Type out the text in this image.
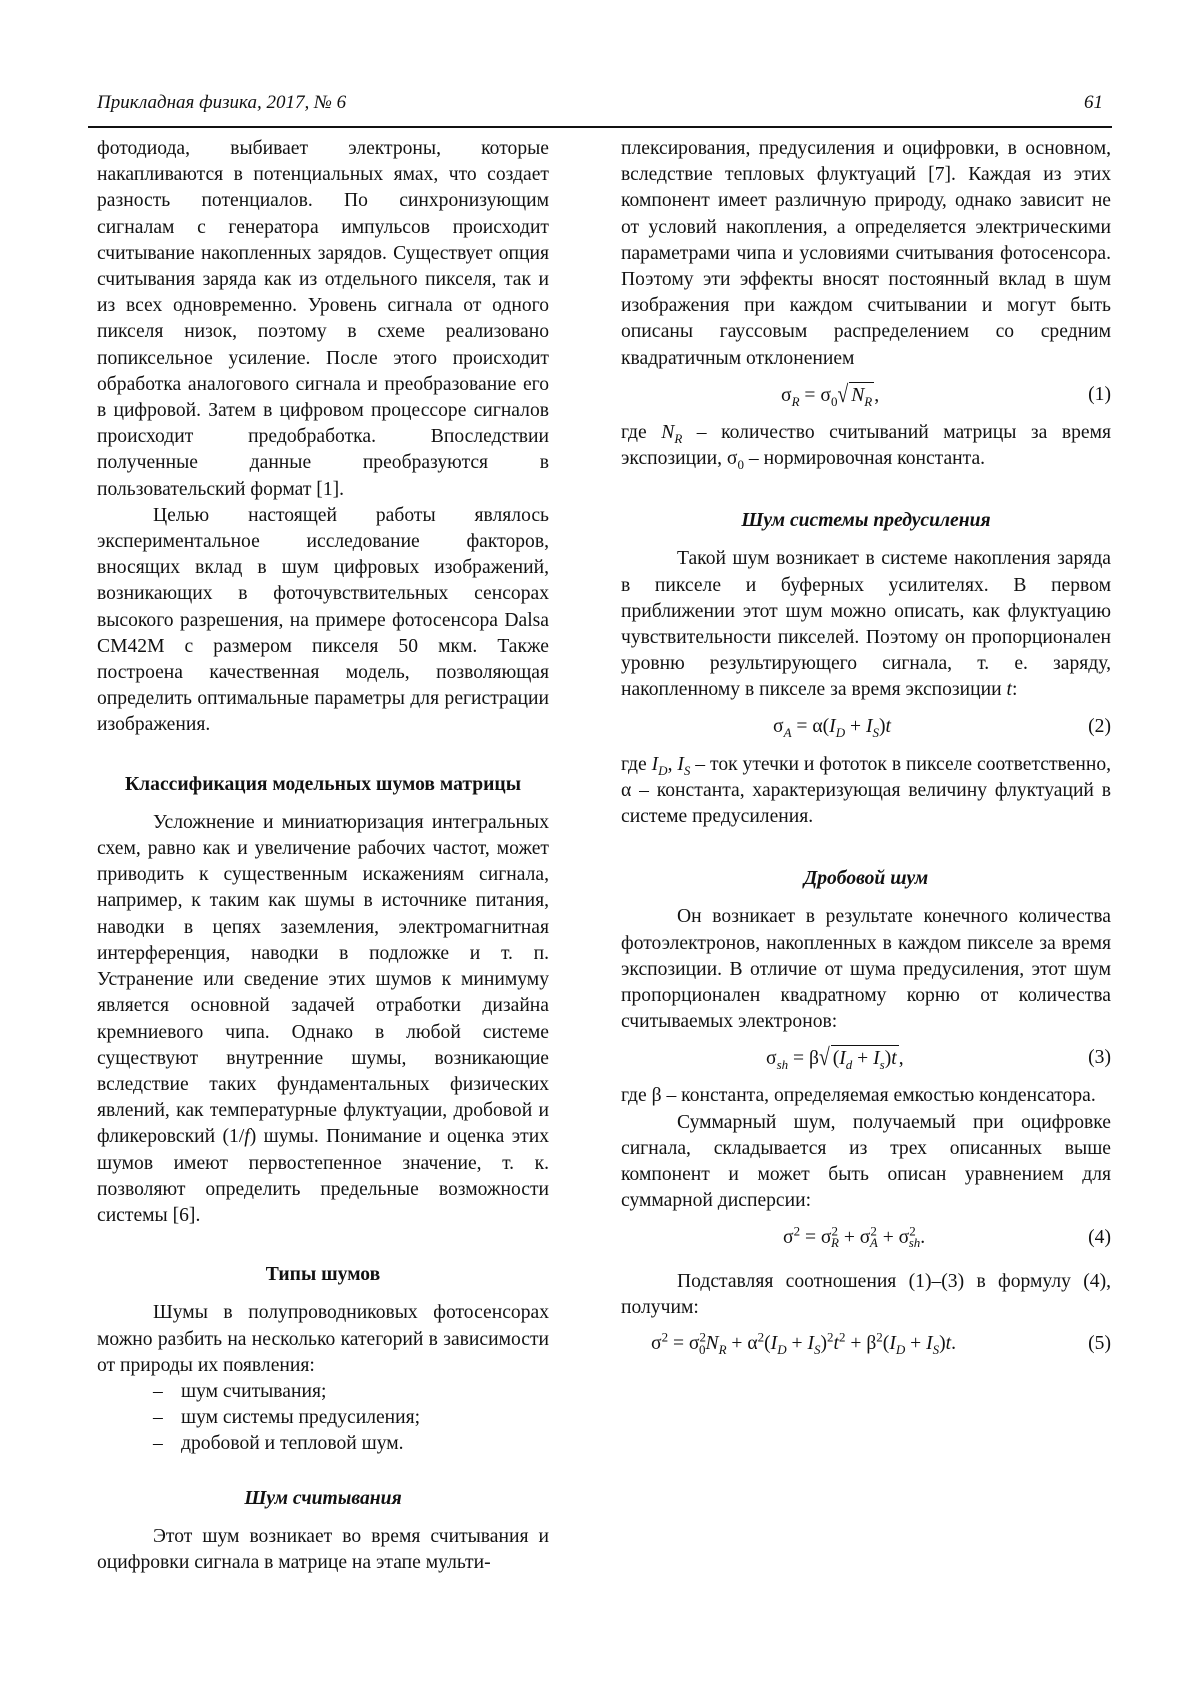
Прикладная физика, 2017, № 6	61

фотодиода, выбивает электроны, которые накапливаются в потенциальных ямах, что создает разность потенциалов. По синхронизующим сигналам с генератора импульсов происходит считывание накопленных зарядов. Существует опция считывания заряда как из отдельного пикселя, так и из всех одновременно. Уровень сигнала от одного пикселя низок, поэтому в схеме реализовано попиксельное усиление. После этого происходит обработка аналогового сигнала и преобразование его в цифровой. Затем в цифровом процессоре сигналов происходит предобработка. Впоследствии полученные данные преобразуются в пользовательский формат [1].

Целью настоящей работы являлось экспериментальное исследование факторов, вносящих вклад в шум цифровых изображений, возникающих в фоточувствительных сенсорах высокого разрешения, на примере фотосенсора Dalsa CM42M с размером пикселя 50 мкм. Также построена качественная модель, позволяющая определить оптимальные параметры для регистрации изображения.

Классификация модельных шумов матрицы

Усложнение и миниатюризация интегральных схем, равно как и увеличение рабочих частот, может приводить к существенным искажениям сигнала, например, к таким как шумы в источнике питания, наводки в цепях заземления, электромагнитная интерференция, наводки в подложке и т. п. Устранение или сведение этих шумов к минимуму является основной задачей отработки дизайна кремниевого чипа. Однако в любой системе существуют внутренние шумы, возникающие вследствие таких фундаментальных физических явлений, как температурные флуктуации, дробовой и фликеровский (1/f) шумы. Понимание и оценка этих шумов имеют первостепенное значение, т. к. позволяют определить предельные возможности системы [6].

Типы шумов

Шумы в полупроводниковых фотосенсорах можно разбить на несколько категорий в зависимости от природы их появления:

– шум считывания;
– шум системы предусиления;
– дробовой и тепловой шум.

Шум считывания

Этот шум возникает во время считывания и оцифровки сигнала в матрице на этапе мульти-

плексирования, предусиления и оцифровки, в основном, вследствие тепловых флуктуаций [7]. Каждая из этих компонент имеет различную природу, однако зависит не от условий накопления, а определяется электрическими параметрами чипа и условиями считывания фотосенсора. Поэтому эти эффекты вносят постоянный вклад в шум изображения при каждом считывании и могут быть описаны гауссовым распределением со средним квадратичным отклонением

$\sigma_R = \sigma_0√$ $N_R$ ,	(1)

где $N_R$ – количество считываний матрицы за время экспозиции, $\sigma_0$ – нормировочная константа.

Шум системы предусиления

Такой шум возникает в системе накопления заряда в пикселе и буферных усилителях. В первом приближении этот шум можно описать, как флуктуацию чувствительности пикселей. Поэтому он пропорционален уровню результирующего сигнала, т. е. заряду, накопленному в пикселе за время экспозиции t:

$\sigma_A = \alpha(I_D + I_S)t$	(2)

где $I_D$, $I_S$ – ток утечки и фототок в пикселе соответственно, α – константа, характеризующая величину флуктуаций в системе предусиления.

Дробовой шум

Он возникает в результате конечного количества фотоэлектронов, накопленных в каждом пикселе за время экспозиции. В отличие от шума предусиления, этот шум пропорционален квадратному корню от количества считываемых электронов:

$\sigma_{sh} = \beta√$ $(I_d + I_s)t$ ,	(3)

где β – константа, определяемая емкостью конденсатора.

Суммарный шум, получаемый при оцифровке сигнала, складывается из трех описанных выше компонент и может быть описан уравнением для суммарной дисперсии:

$\sigma^2 = \sigma^2_R + \sigma^2_A + \sigma^2_{sh}$.	(4)

Подставляя соотношения (1)–(3) в формулу (4), получим:

$\sigma^2 = \sigma^2_0N_R + \alpha^2(I_D + I_S)^2t^2 + \beta^2(I_D + I_S)t$.	(5)
